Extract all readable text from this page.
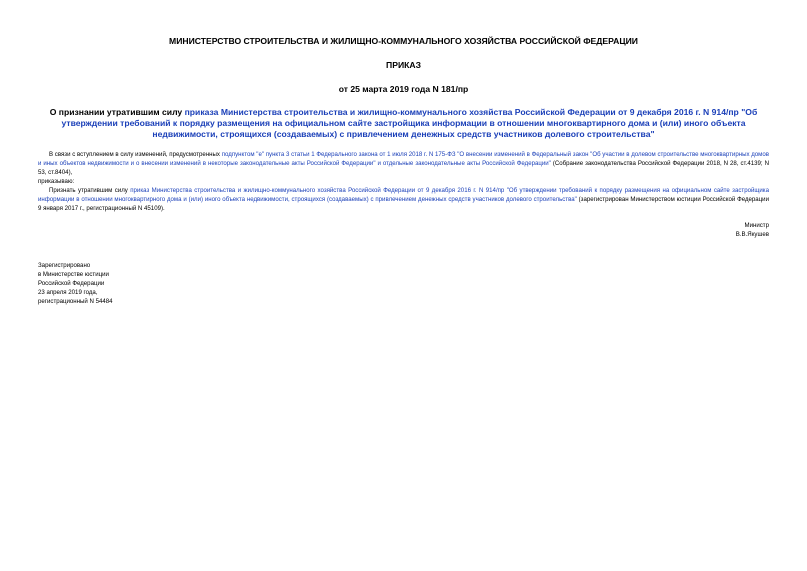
МИНИСТЕРСТВО СТРОИТЕЛЬСТВА И ЖИЛИЩНО-КОММУНАЛЬНОГО ХОЗЯЙСТВА РОССИЙСКОЙ ФЕДЕРАЦИИ

ПРИКАЗ

от 25 марта 2019 года N 181/пр

О признании утратившим силу приказа Министерства строительства и жилищно-коммунального хозяйства Российской Федерации от 9 декабря 2016 г. N 914/пр "Об утверждении требований к порядку размещения на официальном сайте застройщика информации в отношении многоквартирного дома и (или) иного объекта недвижимости, строящихся (создаваемых) с привлечением денежных средств участников долевого строительства"

В связи с вступлением в силу изменений, предусмотренных подпунктом "е" пункта 3 статьи 1 Федерального закона от 1 июля 2018 г. N 175-ФЗ "О внесении изменений в Федеральный закон "Об участии в долевом строительстве многоквартирных домов и иных объектов недвижимости и о внесении изменений в некоторые законодательные акты Российской Федерации" и отдельные законодательные акты Российской Федерации" (Собрание законодательства Российской Федерации 2018, N 28, ст.4139; N 53, ст.8404),

приказываю:

Признать утратившим силу приказ Министерства строительства и жилищно-коммунального хозяйства Российской Федерации от 9 декабря 2016 г. N 914/пр "Об утверждении требований к порядку размещения на официальном сайте застройщика информации в отношении многоквартирного дома и (или) иного объекта недвижимости, строящихся (создаваемых) с привлечением денежных средств участников долевого строительства" (зарегистрирован Министерством юстиции Российской Федерации 9 января 2017 г., регистрационный N 45109).

Министр
В.В.Якушев
Зарегистрировано
в Министерстве юстиции
Российской Федерации
23 апреля 2019 года,
регистрационный N 54484
